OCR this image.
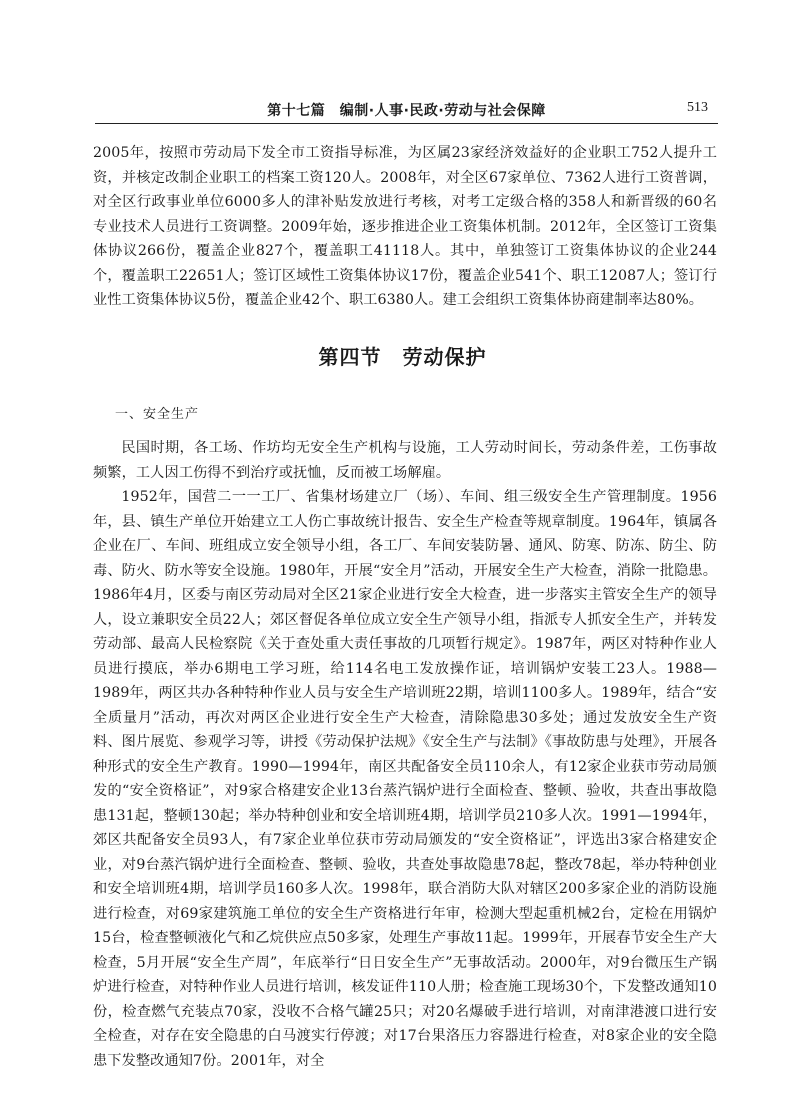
第十七篇　编制·人事·民政·劳动与社会保障	513

2005年，按照市劳动局下发全市工资指导标准，为区属23家经济效益好的企业职工752人提升工资，并核定改制企业职工的档案工资120人。2008年，对全区67家单位、7362人进行工资普调，对全区行政事业单位6000多人的津补贴发放进行考核，对考工定级合格的358人和新晋级的60名专业技术人员进行工资调整。2009年始，逐步推进企业工资集体机制。2012年，全区签订工资集体协议266份，覆盖企业827个，覆盖职工41118人。其中，单独签订工资集体协议的企业244个，覆盖职工22651人；签订区域性工资集体协议17份，覆盖企业541个、职工12087人；签订行业性工资集体协议5份，覆盖企业42个、职工6380人。建工会组织工资集体协商建制率达80%。

第四节　劳动保护
一、安全生产

民国时期，各工场、作坊均无安全生产机构与设施，工人劳动时间长，劳动条件差，工伤事故频繁，工人因工伤得不到治疗或抚恤，反而被工场解雇。

1952年，国营二一一工厂、省集材场建立厂（场）、车间、组三级安全生产管理制度。1956年，县、镇生产单位开始建立工人伤亡事故统计报告、安全生产检查等规章制度。1964年，镇属各企业在厂、车间、班组成立安全领导小组，各工厂、车间安装防暑、通风、防寒、防冻、防尘、防毒、防火、防水等安全设施。1980年，开展“安全月”活动，开展安全生产大检查，消除一批隐患。1986年4月，区委与南区劳动局对全区21家企业进行安全大检查，进一步落实主管安全生产的领导人，设立兼职安全员22人；郊区督促各单位成立安全生产领导小组，指派专人抓安全生产，并转发劳动部、最高人民检察院《关于查处重大责任事故的几项暂行规定》。1987年，两区对特种作业人员进行摸底，举办6期电工学习班，给114名电工发放操作证，培训锅炉安装工23人。1988—1989年，两区共办各种特种作业人员与安全生产培训班22期，培训1100多人。1989年，结合“安全质量月”活动，再次对两区企业进行安全生产大检查，清除隐患30多处；通过发放安全生产资料、图片展览、参观学习等，讲授《劳动保护法规》《安全生产与法制》《事故防患与处理》，开展各种形式的安全生产教育。1990—1994年，南区共配备安全员110余人，有12家企业获市劳动局颁发的“安全资格证”，对9家合格建安企业13台蒸汽锅炉进行全面检查、整顿、验收，共查出事故隐患131起，整顿130起；举办特种创业和安全培训班4期，培训学员210多人次。1991—1994年，郊区共配备安全员93人，有7家企业单位获市劳动局颁发的“安全资格证”，评选出3家合格建安企业，对9台蒸汽锅炉进行全面检查、整顿、验收，共查处事故隐患78起，整改78起，举办特种创业和安全培训班4期，培训学员160多人次。1998年，联合消防大队对辖区200多家企业的消防设施进行检查，对69家建筑施工单位的安全生产资格进行年审，检测大型起重机械2台，定检在用锅炉15台，检查整顿液化气和乙烷供应点50多家，处理生产事故11起。1999年，开展春节安全生产大检查，5月开展“安全生产周”，年底举行“日日安全生产”无事故活动。2000年，对9台微压生产锅炉进行检查，对特种作业人员进行培训，核发证件110人册；检查施工现场30个，下发整改通知10份，检查燃气充装点70家，没收不合格气罐25只；对20名爆破手进行培训，对南津港渡口进行安全检查，对存在安全隐患的白马渡实行停渡；对17台果洛压力容器进行检查，对8家企业的安全隐患下发整改通知7份。2001年，对全
